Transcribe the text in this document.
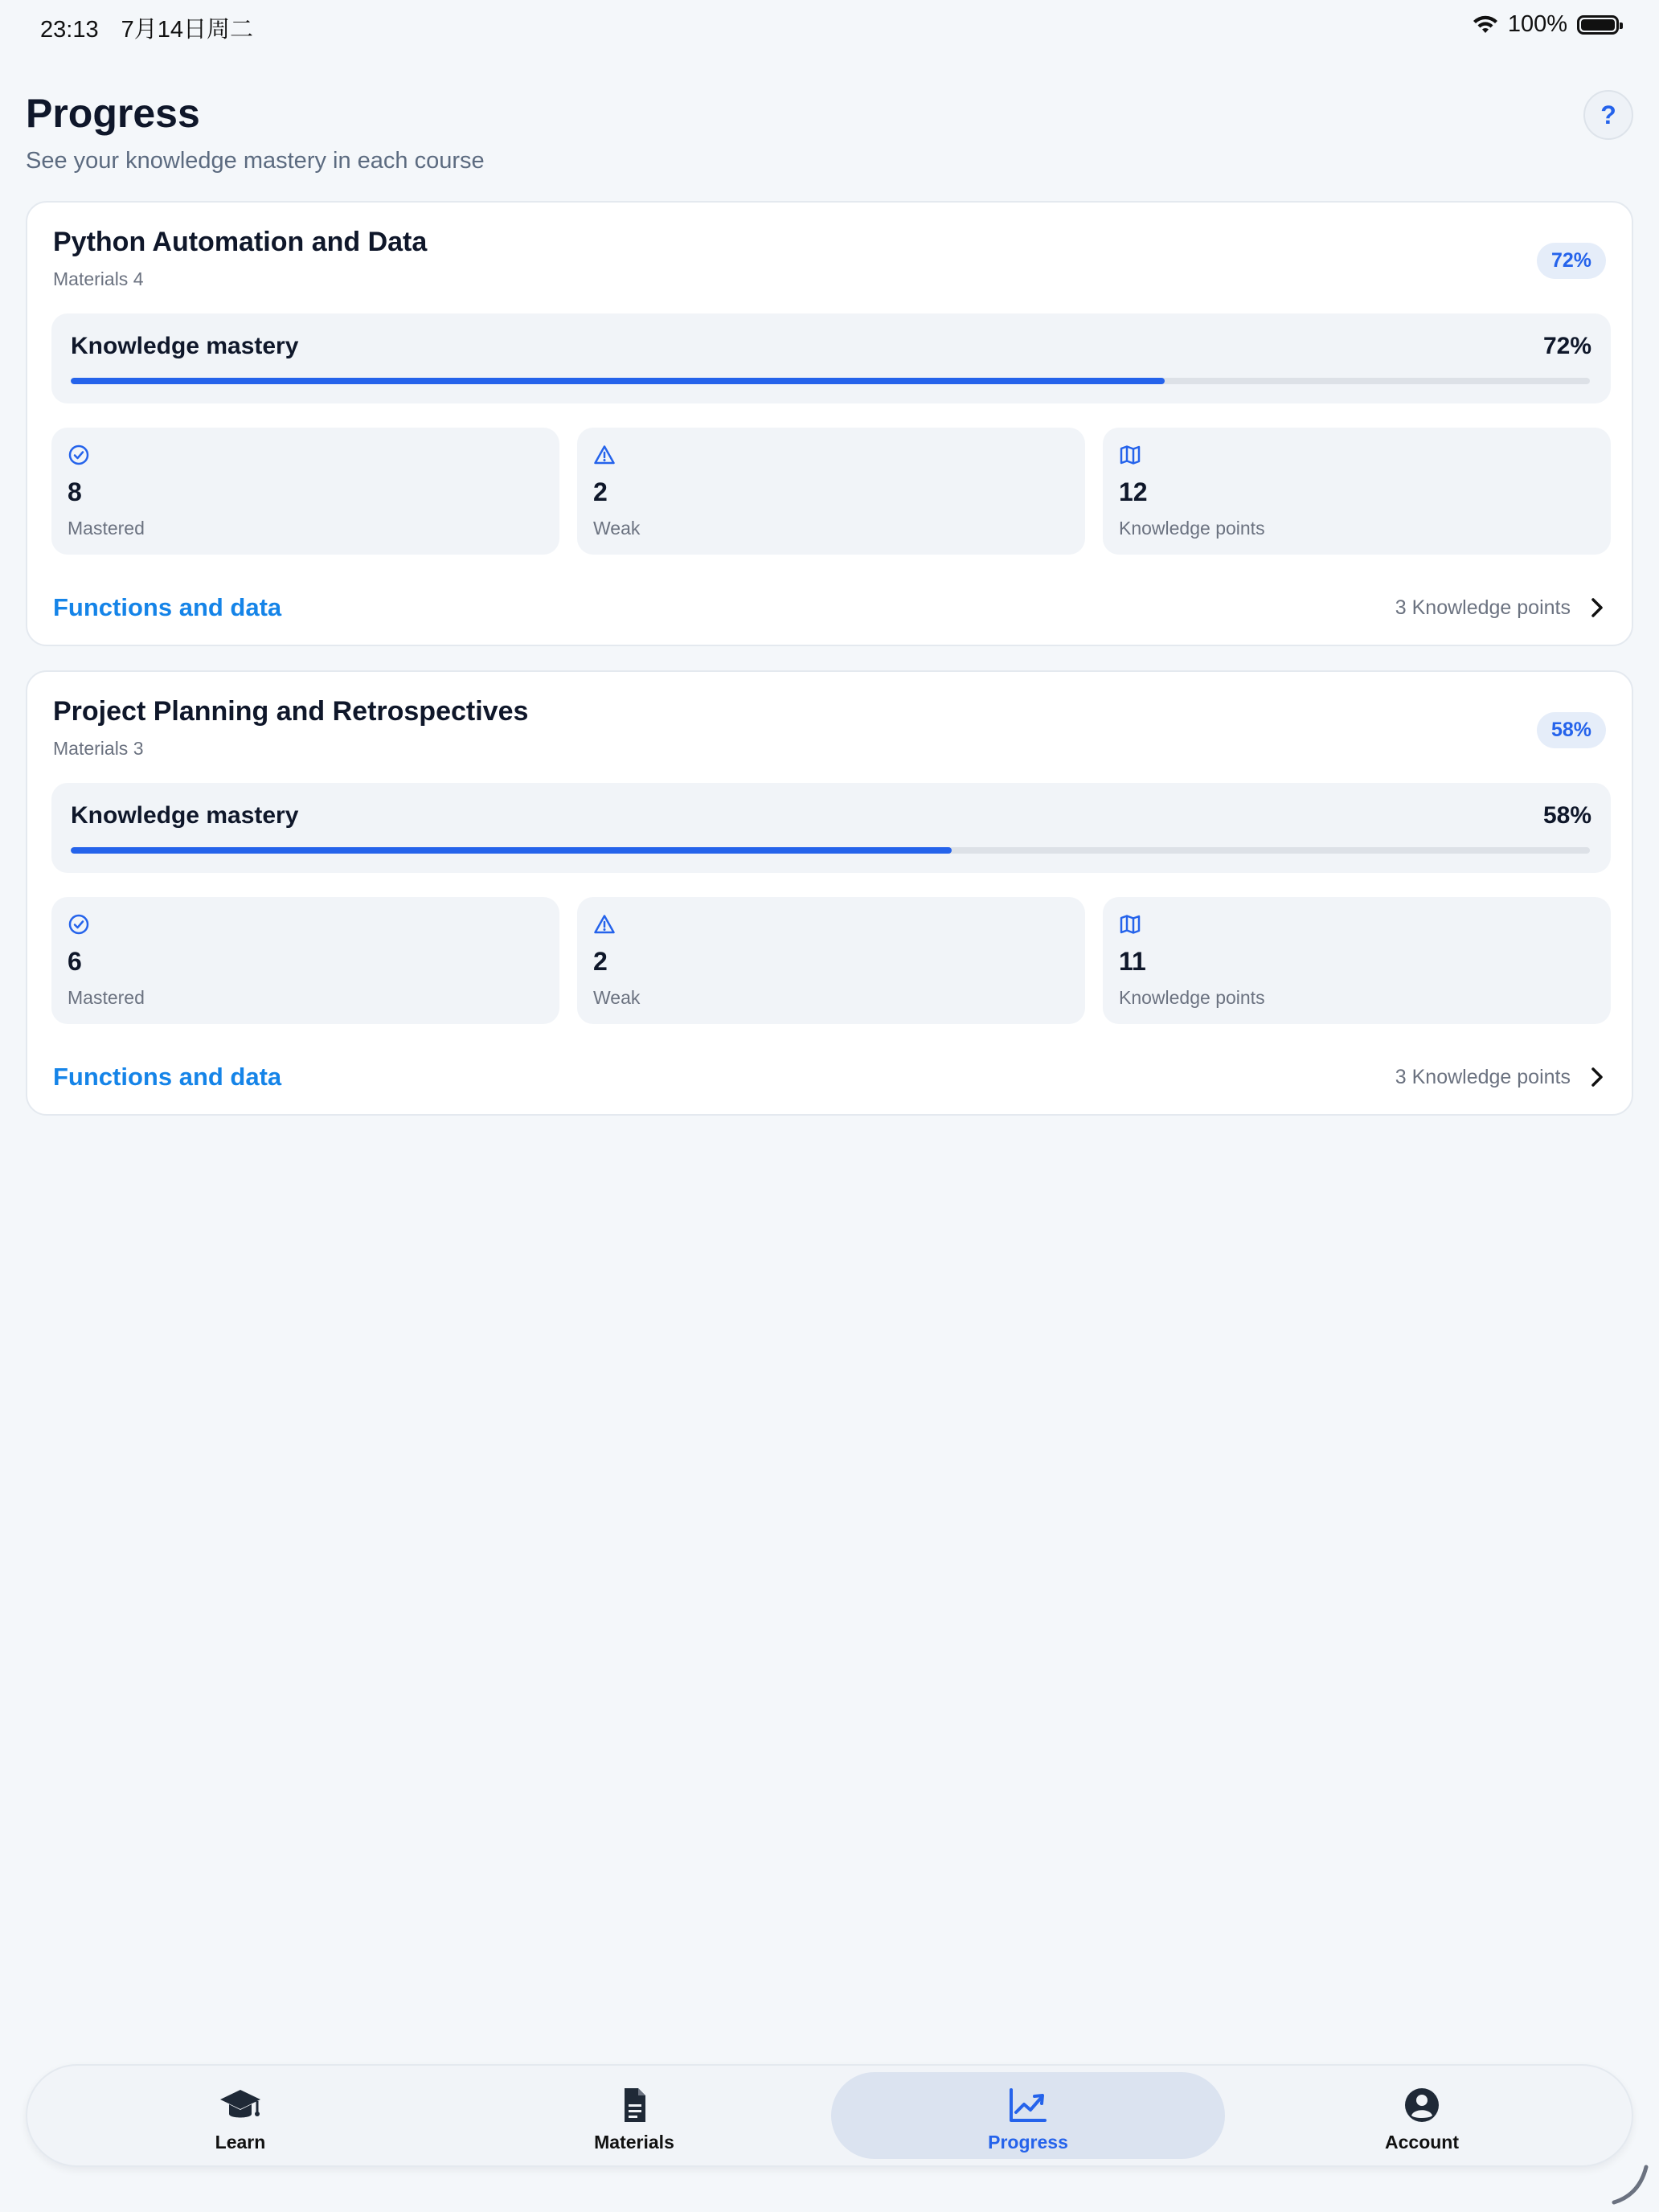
23:13 7月14日周二	100%
Progress
See your knowledge mastery in each course
?
Python Automation and Data
Materials 4
72%
Knowledge mastery	72%
8
Mastered
2
Weak
12
Knowledge points
Functions and data	3 Knowledge points
Project Planning and Retrospectives
Materials 3
58%
Knowledge mastery	58%
6
Mastered
2
Weak
11
Knowledge points
Functions and data	3 Knowledge points
Learn	Materials	Progress	Account
